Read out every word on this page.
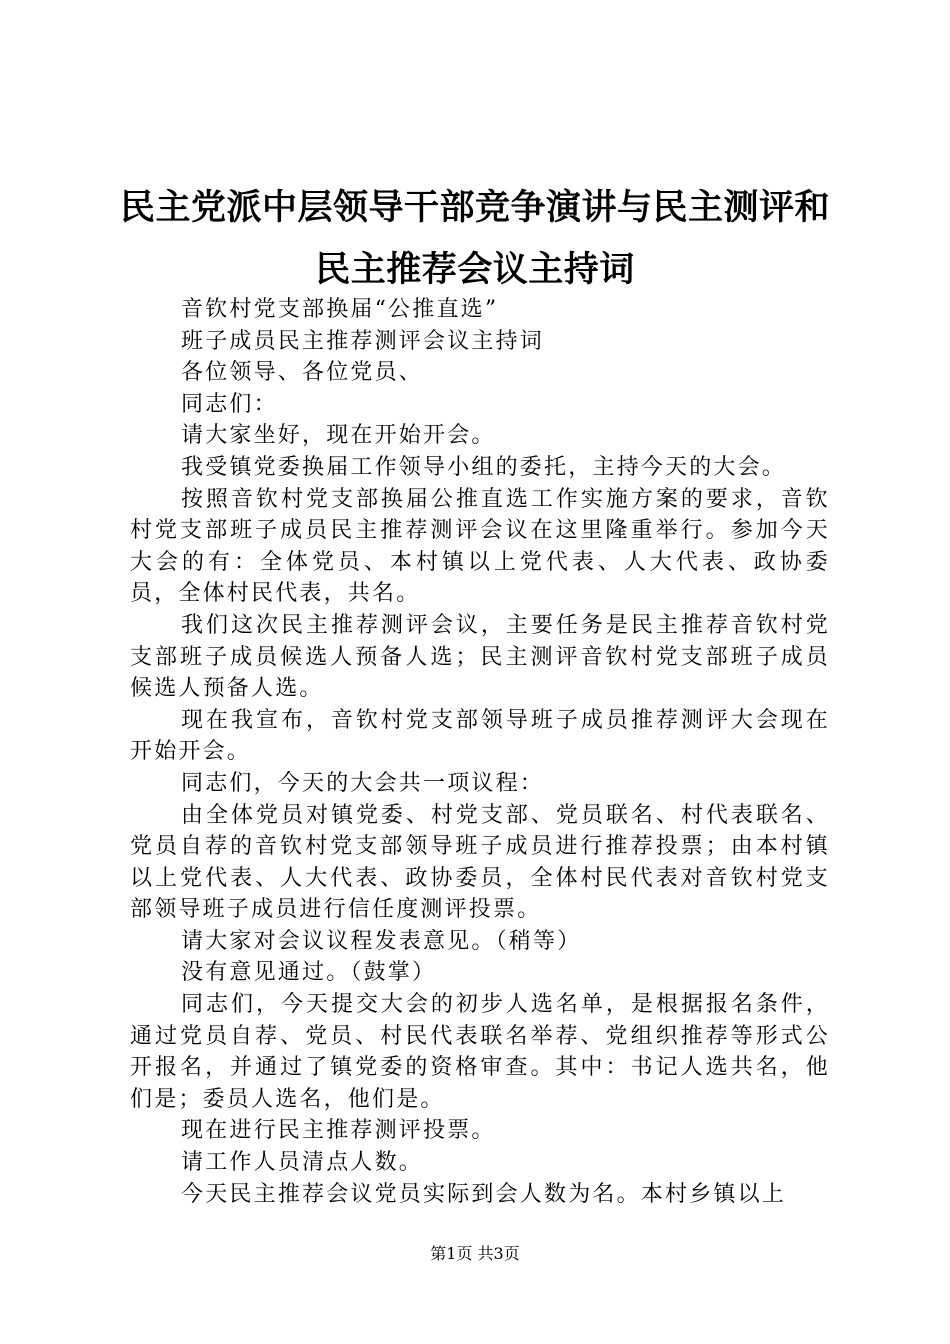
民主党派中层领导干部竞争演讲与民主测评和
民主推荐会议主持词

音钦村党支部换届“公推直选”

班子成员民主推荐测评会议主持词

各位领导、各位党员、

同志们：

请大家坐好，现在开始开会。

我受镇党委换届工作领导小组的委托，主持今天的大会。

按照音钦村党支部换届公推直选工作实施方案的要求，音钦村党支部班子成员民主推荐测评会议在这里隆重举行。参加今天大会的有：全体党员、本村镇以上党代表、人大代表、政协委员，全体村民代表，共名。

我们这次民主推荐测评会议，主要任务是民主推荐音钦村党支部班子成员候选人预备人选；民主测评音钦村党支部班子成员候选人预备人选。

现在我宣布，音钦村党支部领导班子成员推荐测评大会现在开始开会。

同志们，今天的大会共一项议程：

由全体党员对镇党委、村党支部、党员联名、村代表联名、党员自荐的音钦村党支部领导班子成员进行推荐投票；由本村镇以上党代表、人大代表、政协委员，全体村民代表对音钦村党支部领导班子成员进行信任度测评投票。

请大家对会议议程发表意见。（稍等）

没有意见通过。（鼓掌）

同志们，今天提交大会的初步人选名单，是根据报名条件，通过党员自荐、党员、村民代表联名举荐、党组织推荐等形式公开报名，并通过了镇党委的资格审查。其中：书记人选共名，他们是；委员人选名，他们是。

现在进行民主推荐测评投票。

请工作人员清点人数。

今天民主推荐会议党员实际到会人数为名。本村乡镇以上

第1页 共3页
